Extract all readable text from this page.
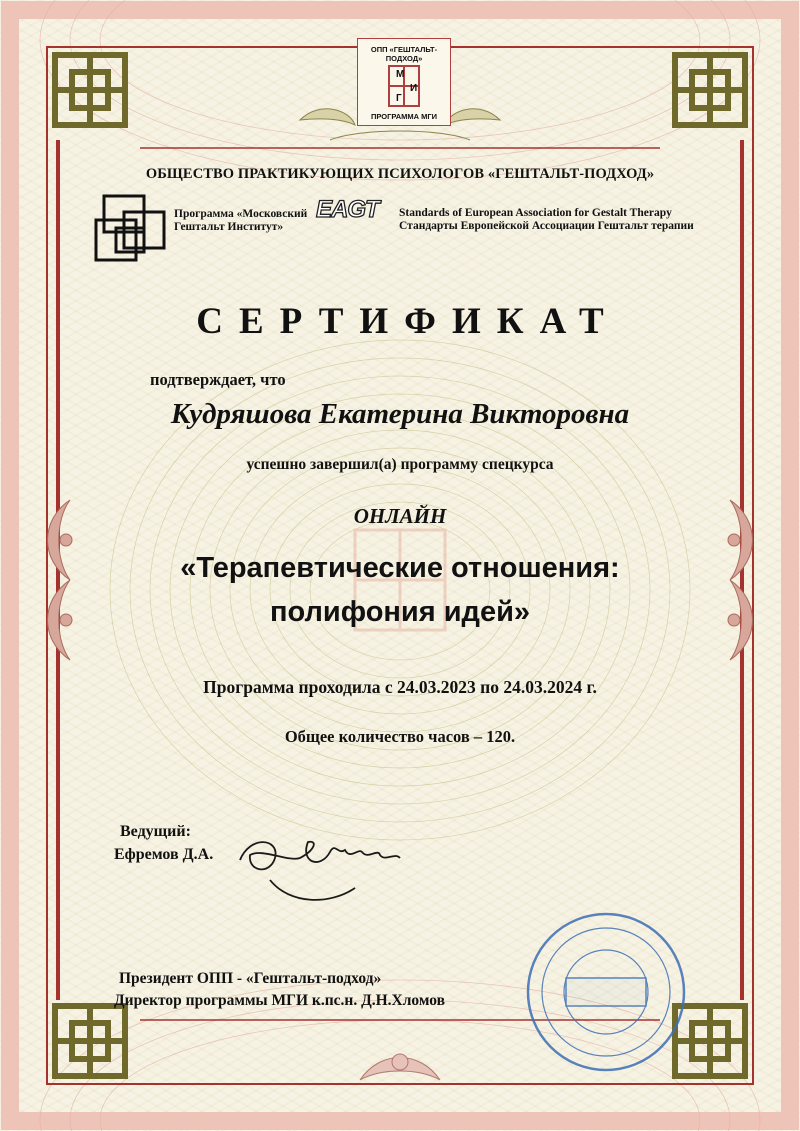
ОПП «ГЕШТАЛЬТ-ПОДХОД»
М
И
Г
ПРОГРАММА МГИ
ОБЩЕСТВО ПРАКТИКУЮЩИХ ПСИХОЛОГОВ «ГЕШТАЛЬТ-ПОДХОД»
Программа «Московский
Гештальт Институт»
EAGT Standards of European Association for Gestalt Therapy
Стандарты Европейской Ассоциации Гештальт терапии
СЕРТИФИКАТ
подтверждает, что
Кудряшова Екатерина Викторовна
успешно завершил(а) программу спецкурса
ОНЛАЙН
«Терапевтические отношения:
полифония идей»
Программа проходила с 24.03.2023 по 24.03.2024 г.
Общее количество часов – 120.
Ведущий:
Ефремов Д.А.
Президент ОПП - «Гештальт-подход»
Директор программы МГИ к.пс.н. Д.Н.Хломов
